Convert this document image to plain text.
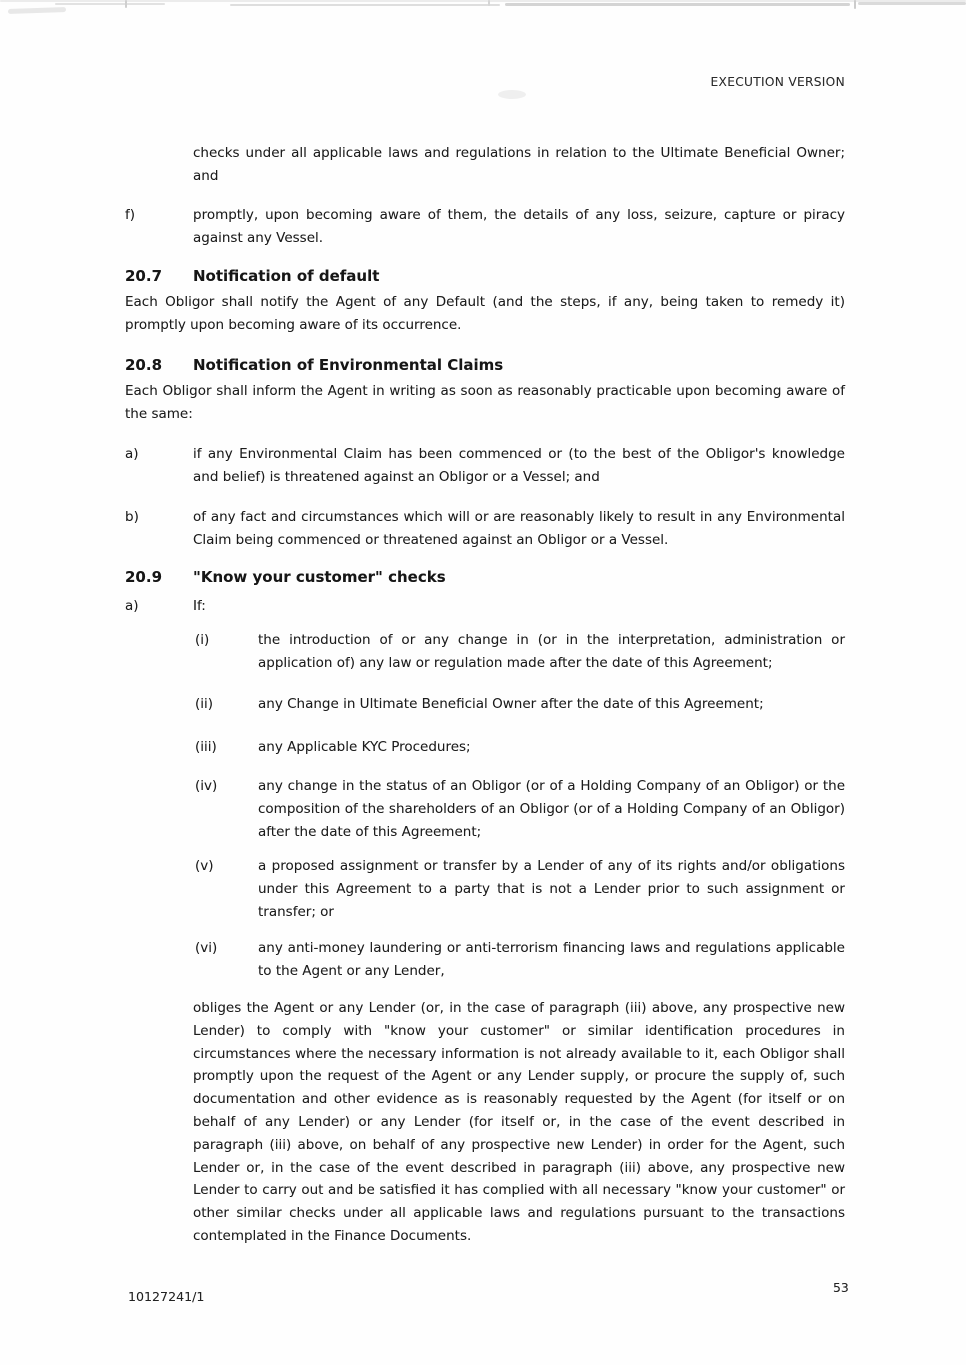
EXECUTION VERSION
checks under all applicable laws and regulations in relation to the Ultimate Beneficial Owner; and
f)	promptly, upon becoming aware of them, the details of any loss, seizure, capture or piracy against any Vessel.
20.7 Notification of default
Each Obligor shall notify the Agent of any Default (and the steps, if any, being taken to remedy it) promptly upon becoming aware of its occurrence.
20.8 Notification of Environmental Claims
Each Obligor shall inform the Agent in writing as soon as reasonably practicable upon becoming aware of the same:
a)	if any Environmental Claim has been commenced or (to the best of the Obligor's knowledge and belief) is threatened against an Obligor or a Vessel; and
b)	of any fact and circumstances which will or are reasonably likely to result in any Environmental Claim being commenced or threatened against an Obligor or a Vessel.
20.9 "Know your customer" checks
a)	If:
(i)	the introduction of or any change in (or in the interpretation, administration or application of) any law or regulation made after the date of this Agreement;
(ii)	any Change in Ultimate Beneficial Owner after the date of this Agreement;
(iii)	any Applicable KYC Procedures;
(iv)	any change in the status of an Obligor (or of a Holding Company of an Obligor) or the composition of the shareholders of an Obligor (or of a Holding Company of an Obligor) after the date of this Agreement;
(v)	a proposed assignment or transfer by a Lender of any of its rights and/or obligations under this Agreement to a party that is not a Lender prior to such assignment or transfer; or
(vi)	any anti-money laundering or anti-terrorism financing laws and regulations applicable to the Agent or any Lender,
obliges the Agent or any Lender (or, in the case of paragraph (iii) above, any prospective new Lender) to comply with "know your customer" or similar identification procedures in circumstances where the necessary information is not already available to it, each Obligor shall promptly upon the request of the Agent or any Lender supply, or procure the supply of, such documentation and other evidence as is reasonably requested by the Agent (for itself or on behalf of any Lender) or any Lender (for itself or, in the case of the event described in paragraph (iii) above, on behalf of any prospective new Lender) in order for the Agent, such Lender or, in the case of the event described in paragraph (iii) above, any prospective new Lender to carry out and be satisfied it has complied with all necessary "know your customer" or other similar checks under all applicable laws and regulations pursuant to the transactions contemplated in the Finance Documents.
10127241/1
53
